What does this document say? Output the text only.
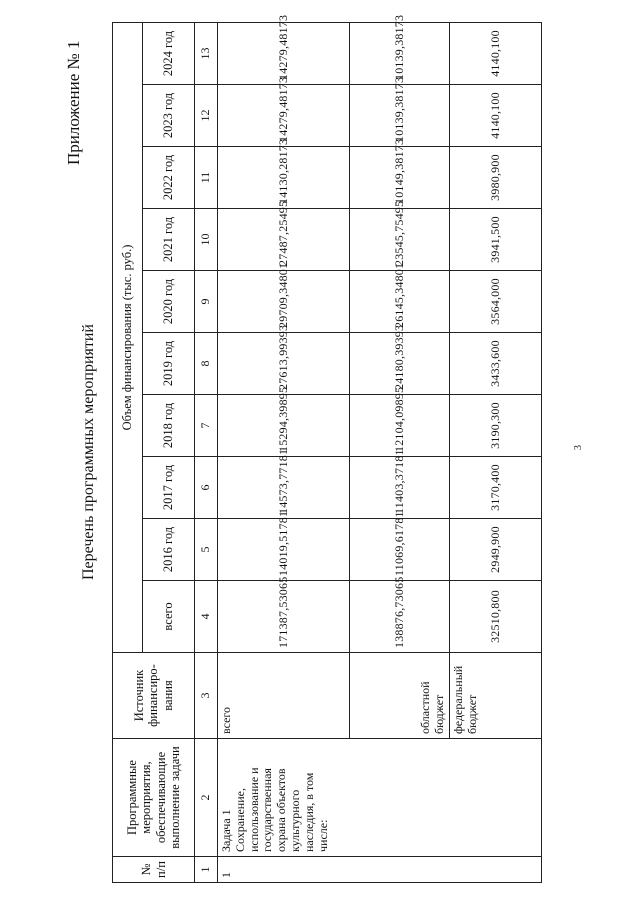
Приложение № 1
Перечень программных мероприятий
№ п/п	Программные мероприятия, обеспечивающие выполнение задачи	Источник финансиро-вания	Объем финансирования (тыс. руб.)									
			всего	2016 год	2017 год	2018 год	2019 год	2020 год	2021 год	2022 год	2023 год	2024 год
1	2	3	4	5	6	7	8	9	10	11	12	13
1	Задача 1 Сохранение, использование и государственная охрана объектов культурного наследия, в том числе:	всего	171387,53065	14019,51781	14573,77181	15294,39895	27613,99393	29709,34801	27487,25495	14130,28173	14279,48173	14279,48173
		областной бюджет	138876,73065	11069,61781	11403,37181	12104,09895	24180,39393	26145,34801	23545,75495	10149,38173	10139,38173	10139,38173
		федеральный бюджет	32510,800	2949,900	3170,400	3190,300	3433,600	3564,000	3941,500	3980,900	4140,100	4140,100
3
